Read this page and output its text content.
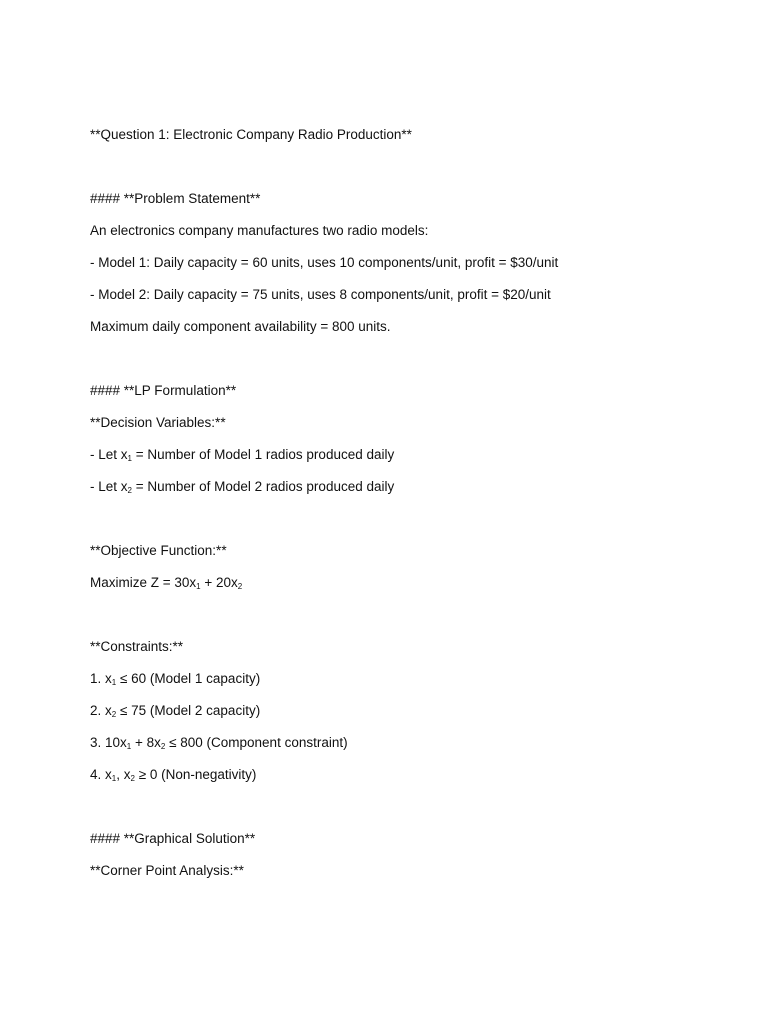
**Question 1: Electronic Company Radio Production**
#### **Problem Statement**
An electronics company manufactures two radio models:
- Model 1: Daily capacity = 60 units, uses 10 components/unit, profit = $30/unit
- Model 2: Daily capacity = 75 units, uses 8 components/unit, profit = $20/unit
Maximum daily component availability = 800 units.
#### **LP Formulation**
**Decision Variables:**
- Let $x_1$ = Number of Model 1 radios produced daily
- Let $x_2$ = Number of Model 2 radios produced daily
**Objective Function:**
Maximize $Z = 30x_1 + 20x_2$
**Constraints:**
1. $x_1 \le 60$ (Model 1 capacity)
2. $x_2 \le 75$ (Model 2 capacity)
3. $10x_1 + 8x_2 \le 800$ (Component constraint)
4. $x_1$, $x_2 \ge 0$ (Non-negativity)
#### **Graphical Solution**
**Corner Point Analysis:**
